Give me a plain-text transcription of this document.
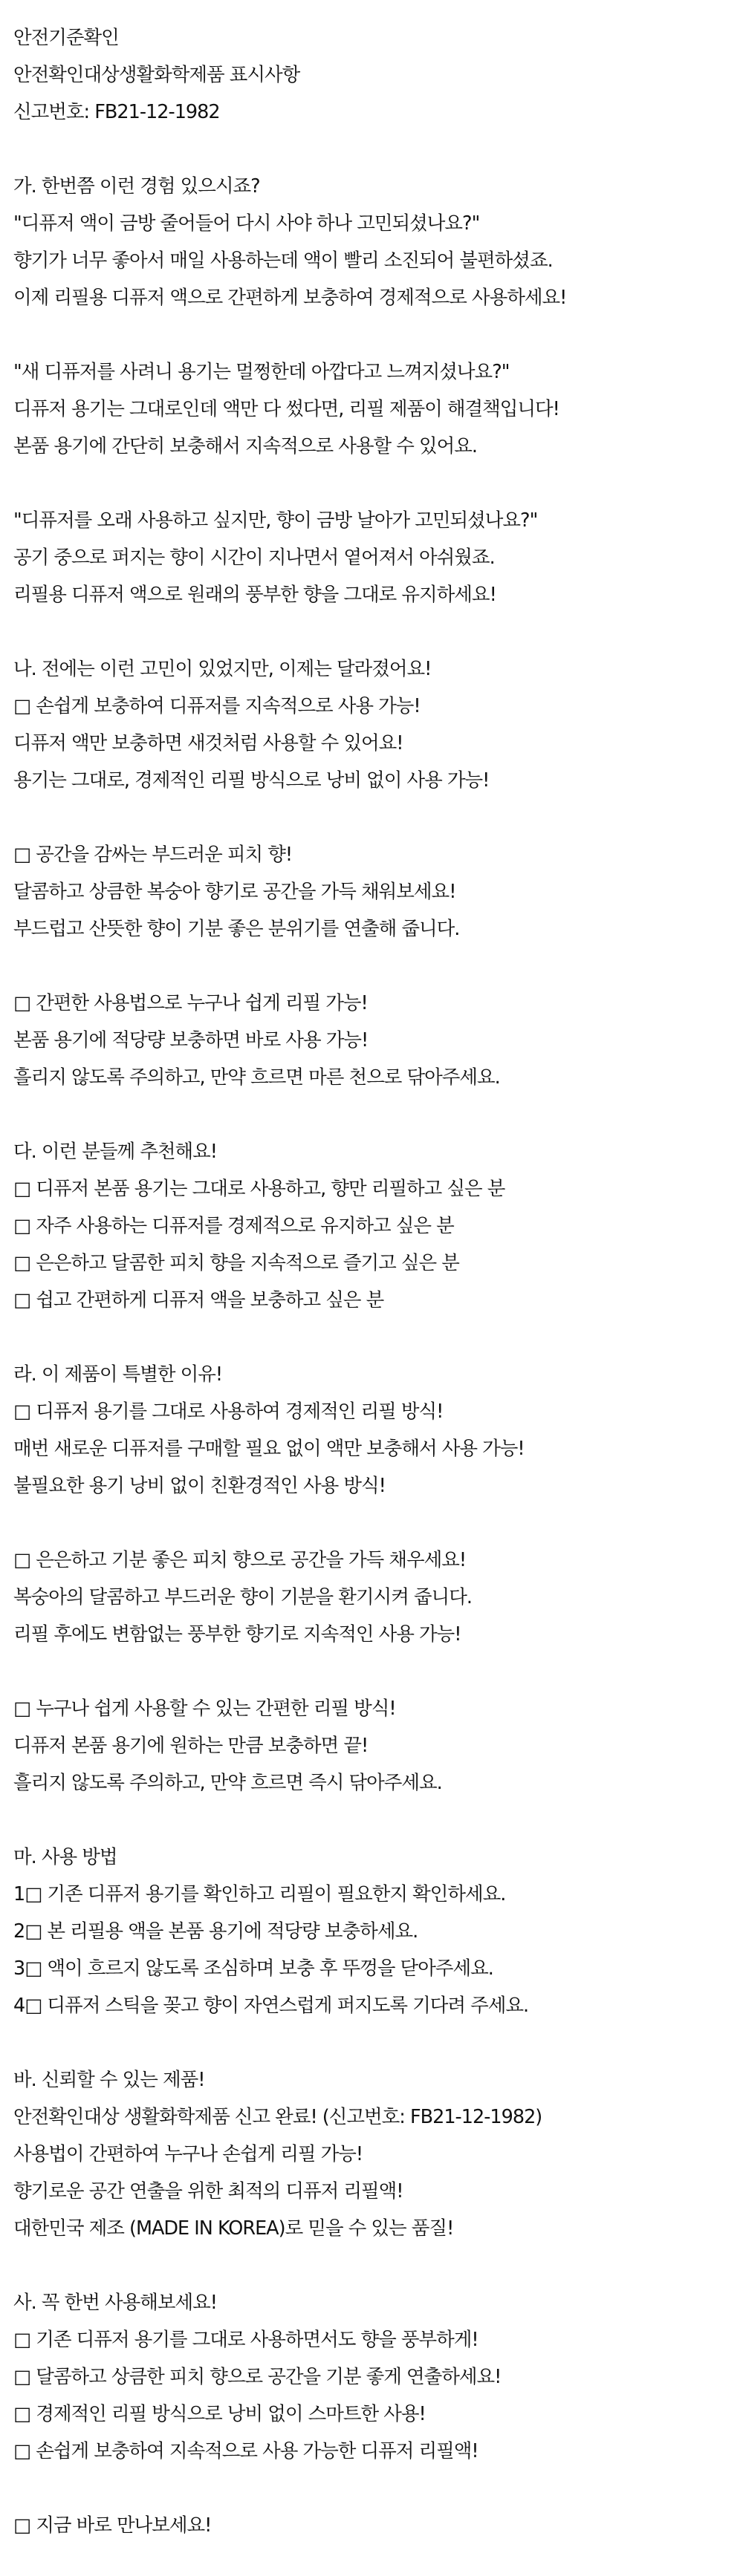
안전기준확인
안전확인대상생활화학제품 표시사항
신고번호: FB21-12-1982
가. 한번쯤 이런 경험 있으시죠?
"디퓨저 액이 금방 줄어들어 다시 사야 하나 고민되셨나요?"
향기가 너무 좋아서 매일 사용하는데 액이 빨리 소진되어 불편하셨죠.
이제 리필용 디퓨저 액으로 간편하게 보충하여 경제적으로 사용하세요!
"새 디퓨저를 사려니 용기는 멀쩡한데 아깝다고 느껴지셨나요?"
디퓨저 용기는 그대로인데 액만 다 썼다면, 리필 제품이 해결책입니다!
본품 용기에 간단히 보충해서 지속적으로 사용할 수 있어요.
"디퓨저를 오래 사용하고 싶지만, 향이 금방 날아가 고민되셨나요?"
공기 중으로 퍼지는 향이 시간이 지나면서 옅어져서 아쉬웠죠.
리필용 디퓨저 액으로 원래의 풍부한 향을 그대로 유지하세요!
나. 전에는 이런 고민이 있었지만, 이제는 달라졌어요!
□ 손쉽게 보충하여 디퓨저를 지속적으로 사용 가능!
디퓨저 액만 보충하면 새것처럼 사용할 수 있어요!
용기는 그대로, 경제적인 리필 방식으로 낭비 없이 사용 가능!
□ 공간을 감싸는 부드러운 피치 향!
달콤하고 상큼한 복숭아 향기로 공간을 가득 채워보세요!
부드럽고 산뜻한 향이 기분 좋은 분위기를 연출해 줍니다.
□ 간편한 사용법으로 누구나 쉽게 리필 가능!
본품 용기에 적당량 보충하면 바로 사용 가능!
흘리지 않도록 주의하고, 만약 흐르면 마른 천으로 닦아주세요.
다. 이런 분들께 추천해요!
□ 디퓨저 본품 용기는 그대로 사용하고, 향만 리필하고 싶은 분
□ 자주 사용하는 디퓨저를 경제적으로 유지하고 싶은 분
□ 은은하고 달콤한 피치 향을 지속적으로 즐기고 싶은 분
□ 쉽고 간편하게 디퓨저 액을 보충하고 싶은 분
라. 이 제품이 특별한 이유!
□ 디퓨저 용기를 그대로 사용하여 경제적인 리필 방식!
매번 새로운 디퓨저를 구매할 필요 없이 액만 보충해서 사용 가능!
불필요한 용기 낭비 없이 친환경적인 사용 방식!
□ 은은하고 기분 좋은 피치 향으로 공간을 가득 채우세요!
복숭아의 달콤하고 부드러운 향이 기분을 환기시켜 줍니다.
리필 후에도 변함없는 풍부한 향기로 지속적인 사용 가능!
□ 누구나 쉽게 사용할 수 있는 간편한 리필 방식!
디퓨저 본품 용기에 원하는 만큼 보충하면 끝!
흘리지 않도록 주의하고, 만약 흐르면 즉시 닦아주세요.
마. 사용 방법
1□ 기존 디퓨저 용기를 확인하고 리필이 필요한지 확인하세요.
2□ 본 리필용 액을 본품 용기에 적당량 보충하세요.
3□ 액이 흐르지 않도록 조심하며 보충 후 뚜껑을 닫아주세요.
4□ 디퓨저 스틱을 꽂고 향이 자연스럽게 퍼지도록 기다려 주세요.
바. 신뢰할 수 있는 제품!
안전확인대상 생활화학제품 신고 완료! (신고번호: FB21-12-1982)
사용법이 간편하여 누구나 손쉽게 리필 가능!
향기로운 공간 연출을 위한 최적의 디퓨저 리필액!
대한민국 제조 (MADE IN KOREA)로 믿을 수 있는 품질!
사. 꼭 한번 사용해보세요!
□ 기존 디퓨저 용기를 그대로 사용하면서도 향을 풍부하게!
□ 달콤하고 상큼한 피치 향으로 공간을 기분 좋게 연출하세요!
□ 경제적인 리필 방식으로 낭비 없이 스마트한 사용!
□ 손쉽게 보충하여 지속적으로 사용 가능한 디퓨저 리필액!
□ 지금 바로 만나보세요!
